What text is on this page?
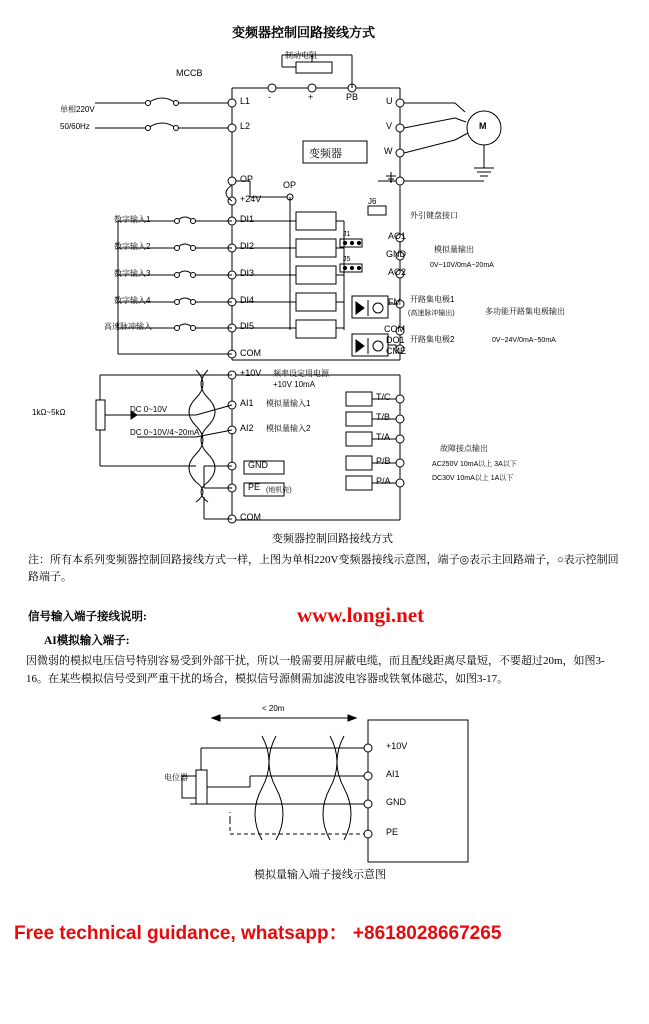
变频器控制回路接线方式
MCCB
制动电阻
单相220V
50/60Hz
L1
L2
-	+	PB
变频器
U
V
W
M
OP
OP
+24V
DI1
DI2
DI3
DI4
DI5
COM
数字输入1
数字输入2
数字输入3
数字输入4
高速脉冲输入
J6
外引键盘接口
J1
J5
AO1
GND
AO2
模拟量输出
0V~10V/0mA~20mA
FM
COM
DO1
CME
开路集电极1
(高速脉冲输出)
开路集电极2
多功能开路集电极输出
0V~24V/0mA~50mA
+10V
AI1
AI2
GND
PE (地机壳)
COM
频率设定用电源
+10V 10mA
模拟量输入1
模拟量输入2
1kΩ~5kΩ	DC 0~10V
DC 0~10V/4~20mA
T/C
T/B
T/A
P/B
P/A
故障接点输出
AC250V 10mA以上 3A以下
DC30V 10mA以上 1A以下
变频器控制回路接线方式
注：所有本系列变频器控制回路接线方式一样，上图为单相220V变频器接线示意图，端子◎表示主回路端子，○表示控制回路端子。
信号输入端子接线说明:
AI模拟输入端子:
www.longi.net
因微弱的模拟电压信号特别容易受到外部干扰，所以一般需要用屏蔽电缆，而且配线距离尽量短，不要超过20m，如图3-16。在某些模拟信号受到严重干扰的场合，模拟信号源侧需加滤波电容器或铁氧体磁芯，如图3-17。
< 20m
电位器
+10V
AI1
GND
PE
模拟量输入端子接线示意图
Free technical guidance, whatsapp： +8618028667265
